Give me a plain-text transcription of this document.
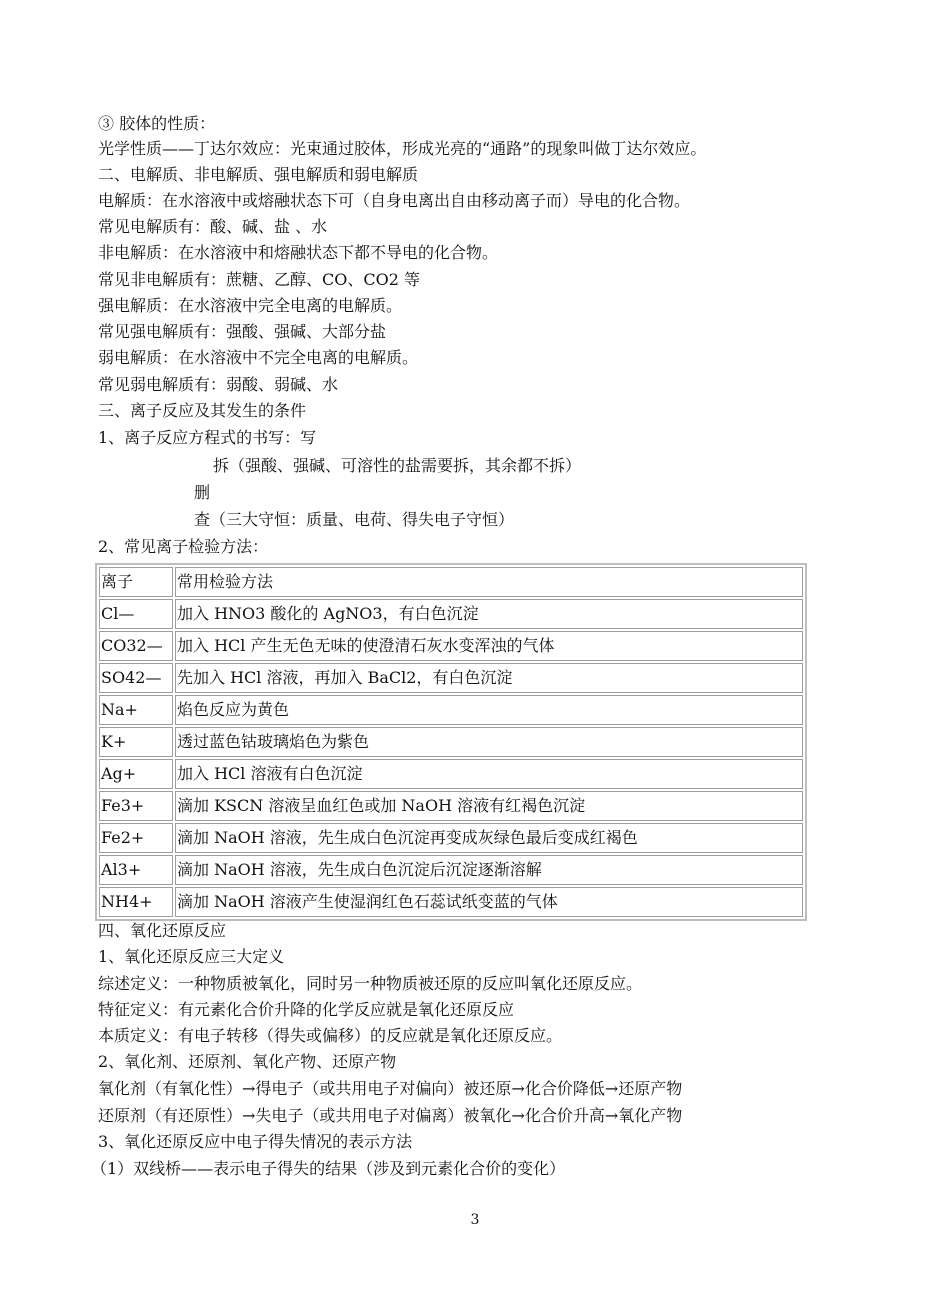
③ 胶体的性质：
光学性质——丁达尔效应：光束通过胶体，形成光亮的“通路”的现象叫做丁达尔效应。
二、电解质、非电解质、强电解质和弱电解质
电解质：在水溶液中或熔融状态下可（自身电离出自由移动离子而）导电的化合物。
常见电解质有：酸、碱、盐 、水
非电解质：在水溶液中和熔融状态下都不导电的化合物。
常见非电解质有：蔗糖、乙醇、CO、CO2 等
强电解质：在水溶液中完全电离的电解质。
常见强电解质有：强酸、强碱、大部分盐
弱电解质：在水溶液中不完全电离的电解质。
常见弱电解质有：弱酸、弱碱、水
三、离子反应及其发生的条件
1、离子反应方程式的书写：写
拆（强酸、强碱、可溶性的盐需要拆，其余都不拆）
删
查（三大守恒：质量、电荷、得失电子守恒）
2、常见离子检验方法：
离子	常用检验方法
Cl—	加入 HNO3 酸化的 AgNO3，有白色沉淀
CO32—	加入 HCl 产生无色无味的使澄清石灰水变浑浊的气体
SO42—	先加入 HCl 溶液，再加入 BaCl2，有白色沉淀
Na+	焰色反应为黄色
K+	透过蓝色钴玻璃焰色为紫色
Ag+	加入 HCl 溶液有白色沉淀
Fe3+	滴加 KSCN 溶液呈血红色或加 NaOH 溶液有红褐色沉淀
Fe2+	滴加 NaOH 溶液，先生成白色沉淀再变成灰绿色最后变成红褐色
Al3+	滴加 NaOH 溶液，先生成白色沉淀后沉淀逐渐溶解
NH4+	滴加 NaOH 溶液产生使湿润红色石蕊试纸变蓝的气体
四、氧化还原反应
1、氧化还原反应三大定义
综述定义：一种物质被氧化，同时另一种物质被还原的反应叫氧化还原反应。
特征定义：有元素化合价升降的化学反应就是氧化还原反应
本质定义：有电子转移（得失或偏移）的反应就是氧化还原反应。
2、氧化剂、还原剂、氧化产物、还原产物
氧化剂（有氧化性）→得电子（或共用电子对偏向）被还原→化合价降低→还原产物
还原剂（有还原性）→失电子（或共用电子对偏离）被氧化→化合价升高→氧化产物
3、氧化还原反应中电子得失情况的表示方法
（1）双线桥——表示电子得失的结果（涉及到元素化合价的变化）
3
